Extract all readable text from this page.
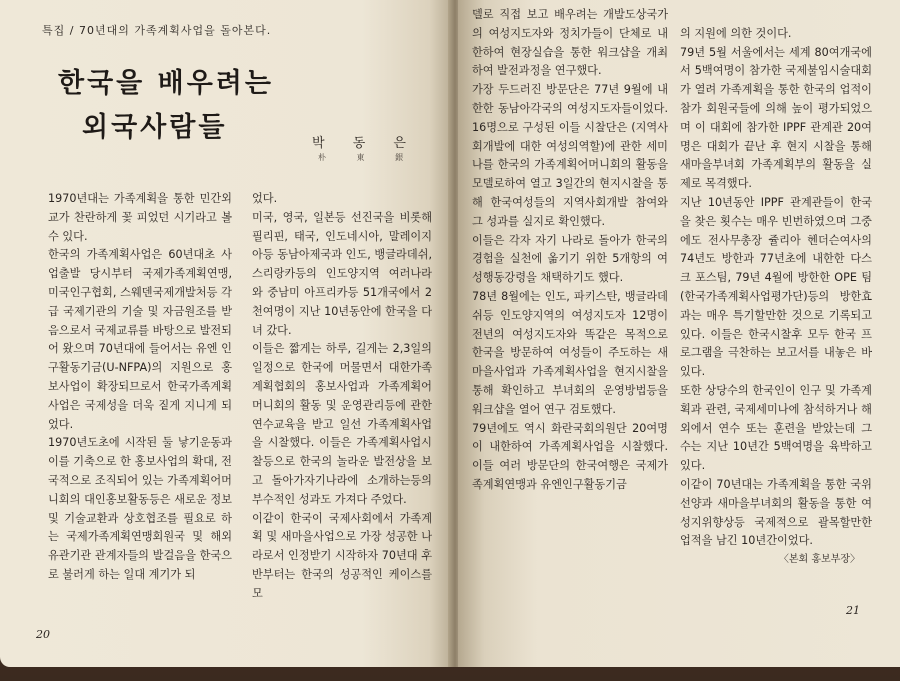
특집 / 70년대의 가족계획사업을 돌아본다.
한국을 배우려는
외국사람들
박 동 은
朴 東 銀
1970년대는 가족계획을 통한 민간외교가 찬란하게 꽃 피었던 시기라고 볼 수 있다.
한국의 가족계획사업은 60년대초 사업출발 당시부터 국제가족계획연맹, 미국인구협회, 스웨덴국제개발처등 각급 국제기관의 기술 및 자금원조를 받음으로서 국제교류를 바탕으로 발전되어 왔으며 70년대에 들어서는 유엔 인구활동기금(U-NFPA)의 지원으로 홍보사업이 확장되므로서 한국가족계획사업은 국제성을 더욱 짙게 지니게 되었다.
1970년도초에 시작된 둘 낳기운동과 이를 기축으로 한 홍보사업의 확대, 전국적으로 조직되어 있는 가족계획어머니회의 대인홍보활동등은 새로운 정보 및 기술교환과 상호협조를 필요로 하는 국제가족계획연맹회원국 및 해외 유관기관 관계자들의 발걸음을 한국으로 불러게 하는 일대 계기가 되
었다.
미국, 영국, 일본등 선진국을 비롯해 필리핀, 태국, 인도네시아, 말레이지아등 동남아제국과 인도, 뱅글라데쉬, 스리랑카등의 인도양지역 여러나라와 중남미 아프리카등 51개국에서 2천여명이 지난 10년동안에 한국을 다녀 갔다.
이들은 짧게는 하루, 길게는 2,3일의 일정으로 한국에 머물면서 대한가족계획협회의 홍보사업과 가족계획어머니회의 활동 및 운영관리등에 관한 연수교육을 받고 일선 가족계획사업을 시찰했다. 이들은 가족계획사업시찰등으로 한국의 놀라운 발전상을 보고 돌아가자기나라에 소개하는등의 부수적인 성과도 가져다 주었다.
이같이 한국이 국제사회에서 가족계획 및 새마을사업으로 가장 성공한 나라로서 인정받기 시작하자 70년대 후반부터는 한국의 성공적인 케이스를 모
20
델로 직접 보고 배우려는 개발도상국가의 여성지도자와 정치가들이 단체로 내한하여 현장실습을 통한 워크샵을 개최하여 발전과정을 연구했다.
가장 두드러진 방문단은 77년 9월에 내한한 동남아각국의 여성지도자들이었다. 16명으로 구성된 이들 시찰단은 (지역사회개발에 대한 여성의역할)에 관한 세미나를 한국의 가족계획어머니회의 활동을 모델로하여 열고 3일간의 현지시찰을 통해 한국여성들의 지역사회개발 참여와 그 성과를 실지로 확인했다.
이들은 각자 자기 나라로 돌아가 한국의 경험을 실천에 옮기기 위한 5개항의 여성행동강령을 채택하기도 했다.
78년 8월에는 인도, 파키스탄, 뱅글라데쉬등 인도양지역의 여성지도자 12명이 전년의 여성지도자와 똑같은 목적으로 한국을 방문하여 여성들이 주도하는 새마을사업과 가족계획사업을 현지시찰을 통해 확인하고 부녀회의 운영방법등을 워크샵을 열어 연구 검토했다.
79년에도 역시 화란국회의원단 20여명이 내한하여 가족계획사업을 시찰했다. 이들 여러 방문단의 한국여행은 국제가족계획연맹과 유엔인구활동기금

의 지원에 의한 것이다.
79년 5월 서울에서는 세계 80여개국에서 5백여명이 참가한 국제불임시술대회가 열려 가족계획을 통한 한국의 업적이 참가 회원국들에 의해 높이 평가되었으며 이 대회에 참가한 IPPF 관계관 20여명은 대회가 끝난 후 현지 시찰을 통해 새마을부녀회 가족계획부의 활동을 실제로 목격했다.
지난 10년동안 IPPF 관계관들이 한국을 찾은 횟수는 매우 빈번하였으며 그중에도 전사무총장 쥴리아 헨더슨여사의 74년도 방한과 77년초에 내한한 다스크 포스팀, 79년 4월에 방한한 OPE 팀(한국가족계획사업평가단)등의 방한효과는 매우 특기할만한 것으로 기록되고 있다. 이들은 한국시찰후 모두 한국 프로그램을 극찬하는 보고서를 내놓은 바 있다.
또한 상당수의 한국인이 인구 및 가족계획과 관련, 국제세미나에 참석하거나 해외에서 연수 또는 훈련을 받았는데 그 수는 지난 10년간 5백여명을 육박하고 있다.
이같이 70년대는 가족계획을 통한 국위선양과 새마을부녀회의 활동을 통한 여성지위향상등 국제적으로 괄목할만한 업적을 남긴 10년간이었다.

〈본회 홍보부장〉

21
